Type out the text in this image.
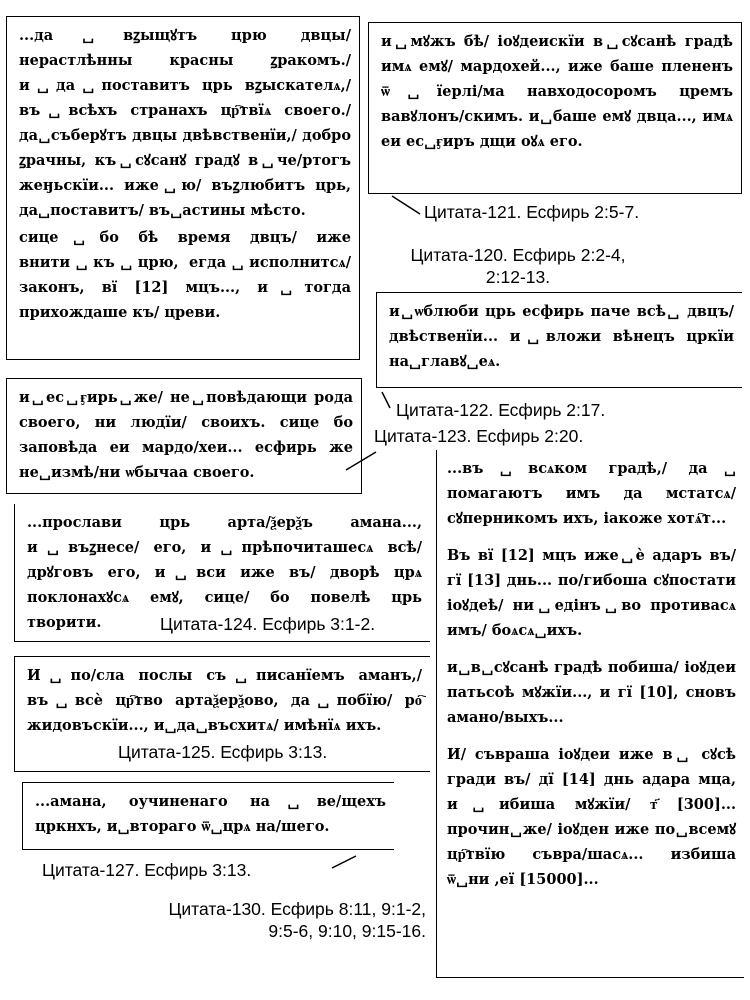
...да␣вꙁыщꙋтъ црю двцы/ нерастлѣнны красны ꙁракомъ./ и␣да␣поставитъ црь вꙁыскателѧ,/ въ␣всѣхъ странахъ цр҇твїѧ своего./ да␣съберꙋтъ двцы двѣвственїи,/ добро ꙁрачны, къ␣сꙋсанꙋ градꙋ в␣че/ртогъ жеӈьскїи... иже␣ю/ въꙁлюбитъ црь, да␣поставитъ/ въ␣астины мѣсто.

сице␣бо бѣ время двцъ/ иже внити␣къ␣црю, егда␣исполнитсѧ/ законъ, вї [12] мцъ..., и␣тогда прихождаше къ/ цреви.

и␣мꙋжъ бѣ/ іоꙋдеискїи в␣сꙋсанѣ градѣ имѧ емꙋ/ мардохей..., иже баше плененъ ѿ␣їерлі/ма навходосоромъ цремъ вавꙋлонъ/скимъ. и␣баше емꙋ двца..., имѧ еи ес␣ӻиръ дщи оꙋѧ его.

Цитата-121. Есфирь 2:5-7.
Цитата-120. Есфирь 2:2-4,
2:12-13.

и␣ѡблюби црь есфирь паче всѣ␣ двцъ/ двѣственїи... и␣вложи вѣнецъ цркїи на␣главꙋ␣еѧ.

Цитата-122. Есфирь 2:17.
Цитата-123. Есфирь 2:20.

и␣ес␣ӻирь␣же/ не␣повѣдающи рода своего, ни людїи/ своихъ. сице бо заповѣда еи мардо/хеи... есфирь же не␣измѣ/ни ѡбычаа своего.

...прослави црь арта/ѯерѯъ амана..., и␣въꙁнесе/ его, и␣прѣпочиташесѧ всѣ/ дрꙋговъ его, и␣вси иже въ/ дворѣ црѧ поклонахꙋсѧ емꙋ, сице/ бо повелѣ црь творити.	Цитата-124. Есфирь 3:1-2.

И␣по/сла послы съ␣писанїемъ аманъ,/ въ␣всѐ цр҇тво артаѯерѯово, да␣побїю/ ро҇ жидовъскїи..., и␣да␣въсхитѧ/ имѣнїѧ ихъ.

Цитата-125. Есфирь 3:13.

...амана, оучиненаго на␣ве/щехъ цркнхъ, и␣втораго ѿ␣црѧ на/шего.

Цитата-127. Есфирь 3:13.
Цитата-130. Есфирь 8:11, 9:1-2,
9:5-6, 9:10, 9:15-16.

...въ␣всѧком градѣ,/ да␣ помагаютъ имъ да мстатсѧ/ сꙋперникомъ ихъ, іакоже хотѧ҇т...

Въ вї [12] мцъ иже␣ѐ адаръ въ/ гї [13] днь... по/гибоша сꙋпостати іоꙋдеѣ/ ни␣едінъ␣во противасѧ имъ/ боѧсѧ␣ихъ.

и␣в␣сꙋсанѣ градѣ побиша/ іоꙋдеи патьсоѣ мꙋжїи..., и гї [10], сновъ амано/выхъ...

И/ съвраша іоꙋдеи иже в␣ сꙋсѣ гради въ/ дї [14] днь адара мца, и␣ибиша мꙋжїи/ т҃ [300]... прочин␣же/ іоꙋден иже по␣всемꙋ цр҇твїю съвра/шасѧ... избиша ѿ␣ни ,еї [15000]...
